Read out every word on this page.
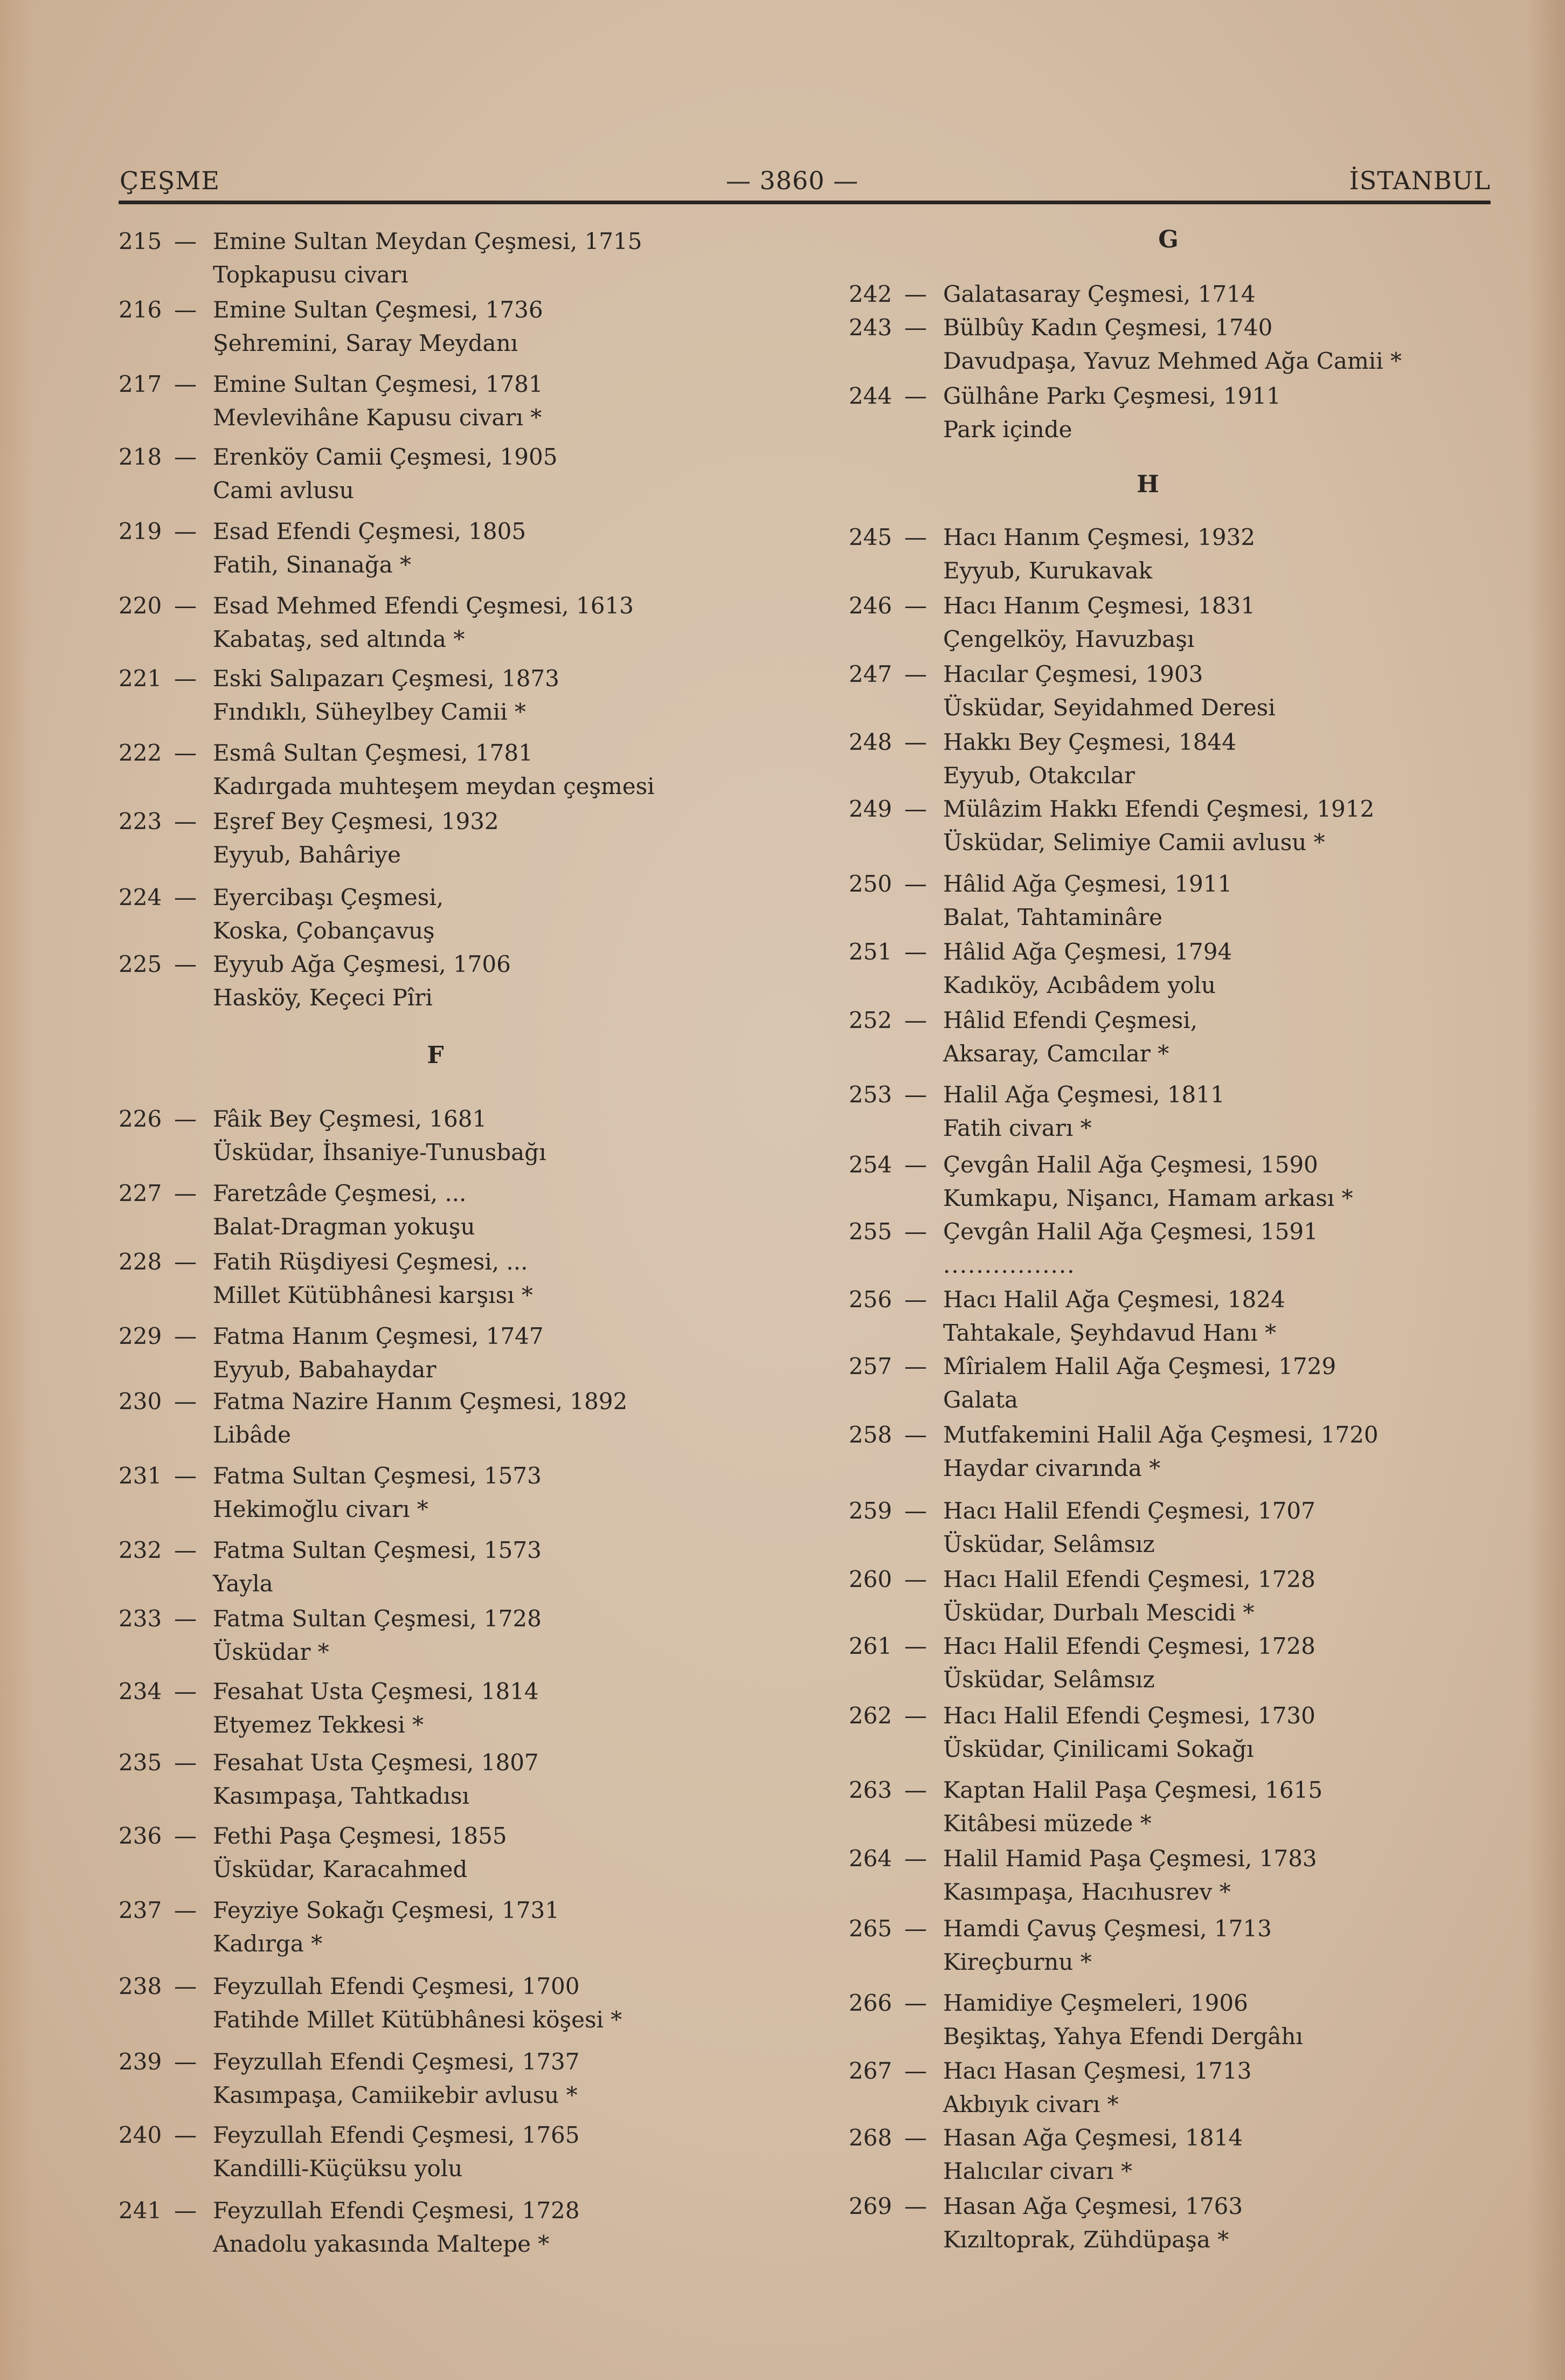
ÇEŞME	— 3860 —	İSTANBUL
215 — Emine Sultan Meydan Çeşmesi, 1715
Topkapusu civarı
216 — Emine Sultan Çeşmesi, 1736
Şehremini, Saray Meydanı
217 — Emine Sultan Çeşmesi, 1781
Mevlevihâne Kapusu civarı *
218 — Erenköy Camii Çeşmesi, 1905
Cami avlusu
219 — Esad Efendi Çeşmesi, 1805
Fatih, Sinanağa *
220 — Esad Mehmed Efendi Çeşmesi, 1613
Kabataş, sed altında *
221 — Eski Salıpazarı Çeşmesi, 1873
Fındıklı, Süheylbey Camii *
222 — Esmâ Sultan Çeşmesi, 1781
Kadırgada muhteşem meydan çeşmesi
223 — Eşref Bey Çeşmesi, 1932
Eyyub, Bahâriye
224 — Eyercibaşı Çeşmesi,
Koska, Çobançavuş
225 — Eyyub Ağa Çeşmesi, 1706
Hasköy, Keçeci Pîri
F
226 — Fâik Bey Çeşmesi, 1681
Üsküdar, İhsaniye-Tunusbağı
227 — Faretzâde Çeşmesi, ...
Balat-Dragman yokuşu
228 — Fatih Rüşdiyesi Çeşmesi, ...
Millet Kütübhânesi karşısı *
229 — Fatma Hanım Çeşmesi, 1747
Eyyub, Babahaydar
230 — Fatma Nazire Hanım Çeşmesi, 1892
Libâde
231 — Fatma Sultan Çeşmesi, 1573
Hekimoğlu civarı *
232 — Fatma Sultan Çeşmesi, 1573
Yayla
233 — Fatma Sultan Çeşmesi, 1728
Üsküdar *
234 — Fesahat Usta Çeşmesi, 1814
Etyemez Tekkesi *
235 — Fesahat Usta Çeşmesi, 1807
Kasımpaşa, Tahtkadısı
236 — Fethi Paşa Çeşmesi, 1855
Üsküdar, Karacahmed
237 — Feyziye Sokağı Çeşmesi, 1731
Kadırga *
238 — Feyzullah Efendi Çeşmesi, 1700
Fatihde Millet Kütübhânesi köşesi *
239 — Feyzullah Efendi Çeşmesi, 1737
Kasımpaşa, Camiikebir avlusu *
240 — Feyzullah Efendi Çeşmesi, 1765
Kandilli-Küçüksu yolu
241 — Feyzullah Efendi Çeşmesi, 1728
Anadolu yakasında Maltepe *
G
242 — Galatasaray Çeşmesi, 1714
243 — Bülbûy Kadın Çeşmesi, 1740
Davudpaşa, Yavuz Mehmed Ağa Camii *
244 — Gülhâne Parkı Çeşmesi, 1911
Park içinde
H
245 — Hacı Hanım Çeşmesi, 1932
Eyyub, Kurukavak
246 — Hacı Hanım Çeşmesi, 1831
Çengelköy, Havuzbaşı
247 — Hacılar Çeşmesi, 1903
Üsküdar, Seyidahmed Deresi
248 — Hakkı Bey Çeşmesi, 1844
Eyyub, Otakcılar
249 — Mülâzim Hakkı Efendi Çeşmesi, 1912
Üsküdar, Selimiye Camii avlusu *
250 — Hâlid Ağa Çeşmesi, 1911
Balat, Tahtaminâre
251 — Hâlid Ağa Çeşmesi, 1794
Kadıköy, Acıbâdem yolu
252 — Hâlid Efendi Çeşmesi,
Aksaray, Camcılar *
253 — Halil Ağa Çeşmesi, 1811
Fatih civarı *
254 — Çevgân Halil Ağa Çeşmesi, 1590
Kumkapu, Nişancı, Hamam arkası *
255 — Çevgân Halil Ağa Çeşmesi, 1591
................
256 — Hacı Halil Ağa Çeşmesi, 1824
Tahtakale, Şeyhdavud Hanı *
257 — Mîrialem Halil Ağa Çeşmesi, 1729
Galata
258 — Mutfakemini Halil Ağa Çeşmesi, 1720
Haydar civarında *
259 — Hacı Halil Efendi Çeşmesi, 1707
Üsküdar, Selâmsız
260 — Hacı Halil Efendi Çeşmesi, 1728
Üsküdar, Durbalı Mescidi *
261 — Hacı Halil Efendi Çeşmesi, 1728
Üsküdar, Selâmsız
262 — Hacı Halil Efendi Çeşmesi, 1730
Üsküdar, Çinilicami Sokağı
263 — Kaptan Halil Paşa Çeşmesi, 1615
Kitâbesi müzede *
264 — Halil Hamid Paşa Çeşmesi, 1783
Kasımpaşa, Hacıhusrev *
265 — Hamdi Çavuş Çeşmesi, 1713
Kireçburnu *
266 — Hamidiye Çeşmeleri, 1906
Beşiktaş, Yahya Efendi Dergâhı
267 — Hacı Hasan Çeşmesi, 1713
Akbıyık civarı *
268 — Hasan Ağa Çeşmesi, 1814
Halıcılar civarı *
269 — Hasan Ağa Çeşmesi, 1763
Kızıltoprak, Zühdüpaşa *
